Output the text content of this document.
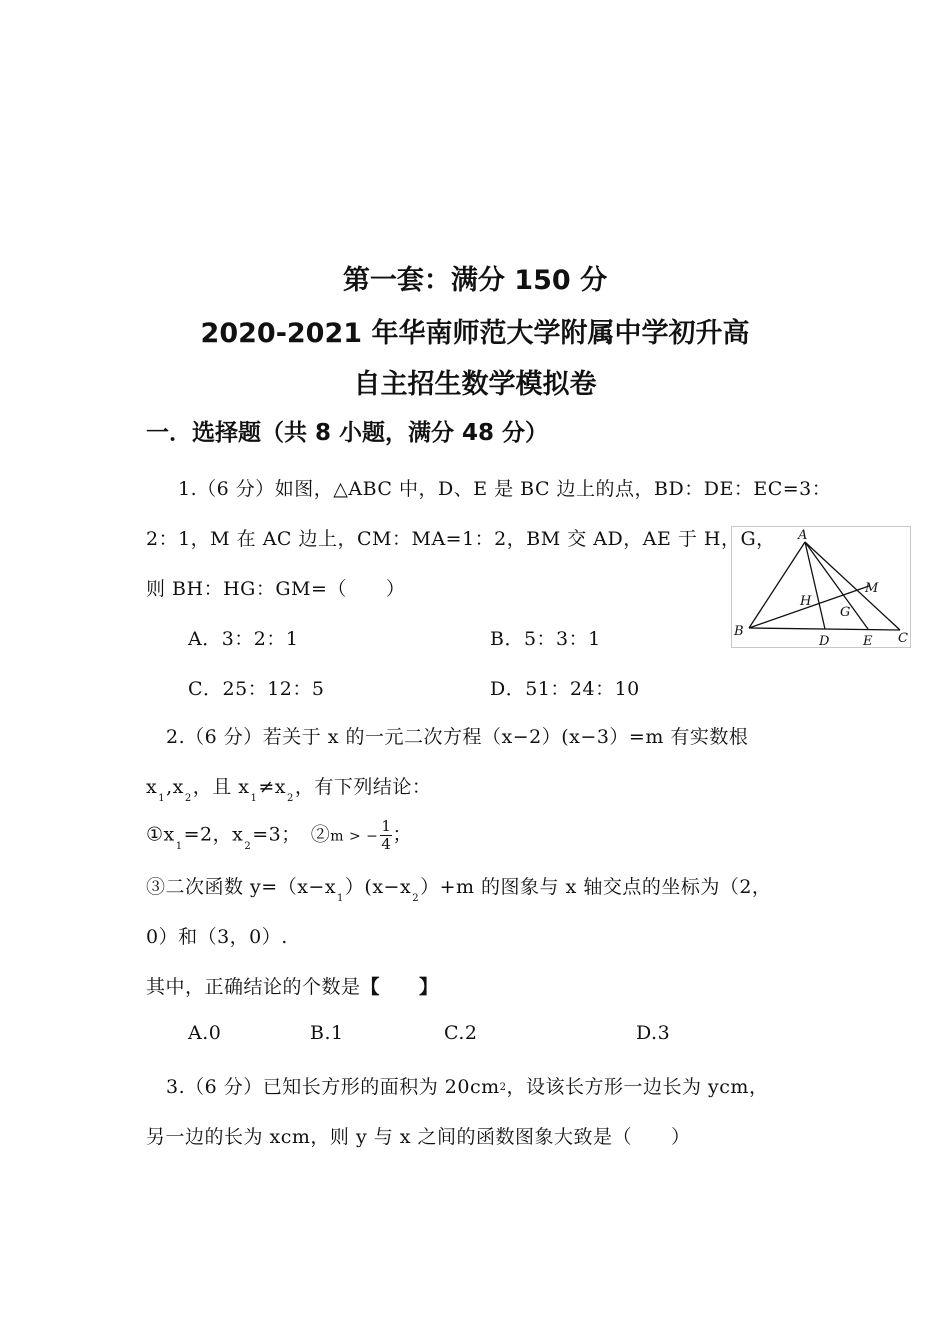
第一套：满分 150 分
2020-2021 年华南师范大学附属中学初升高
自主招生数学模拟卷
一．选择题（共 8 小题，满分 48 分）
1.（6 分）如图，△ABC 中，D、E 是 BC 边上的点，BD：DE：EC=3：
2：1，M 在 AC 边上，CM：MA=1：2，BM 交 AD，AE 于 H，G，
则 BH：HG：GM=（　　）
A．3：2：1	B．5：3：1
C．25：12：5	D．51：24：10
A
B	C
D	E
H
G
M
2.（6 分）若关于 x 的一元二次方程（x−2）(x−3）=m 有实数根
$x_1,x_2$，且 $x_1\ne x_2$，有下列结论：
$①x_1=2$，$x_2=3$；　②m > − $\frac{1}{4}$ ；
③二次函数 $y=(x-x_1)(x-x_2)+m$ 的图象与 x 轴交点的坐标为（2，
0）和（3，0）.
其中，正确结论的个数是【　　】
A.0	B.1	C.2	D.3
3.（6 分）已知长方形的面积为 20cm2，设该长方形一边长为 ycm，
另一边的长为 xcm，则 y 与 x 之间的函数图象大致是（　　）
